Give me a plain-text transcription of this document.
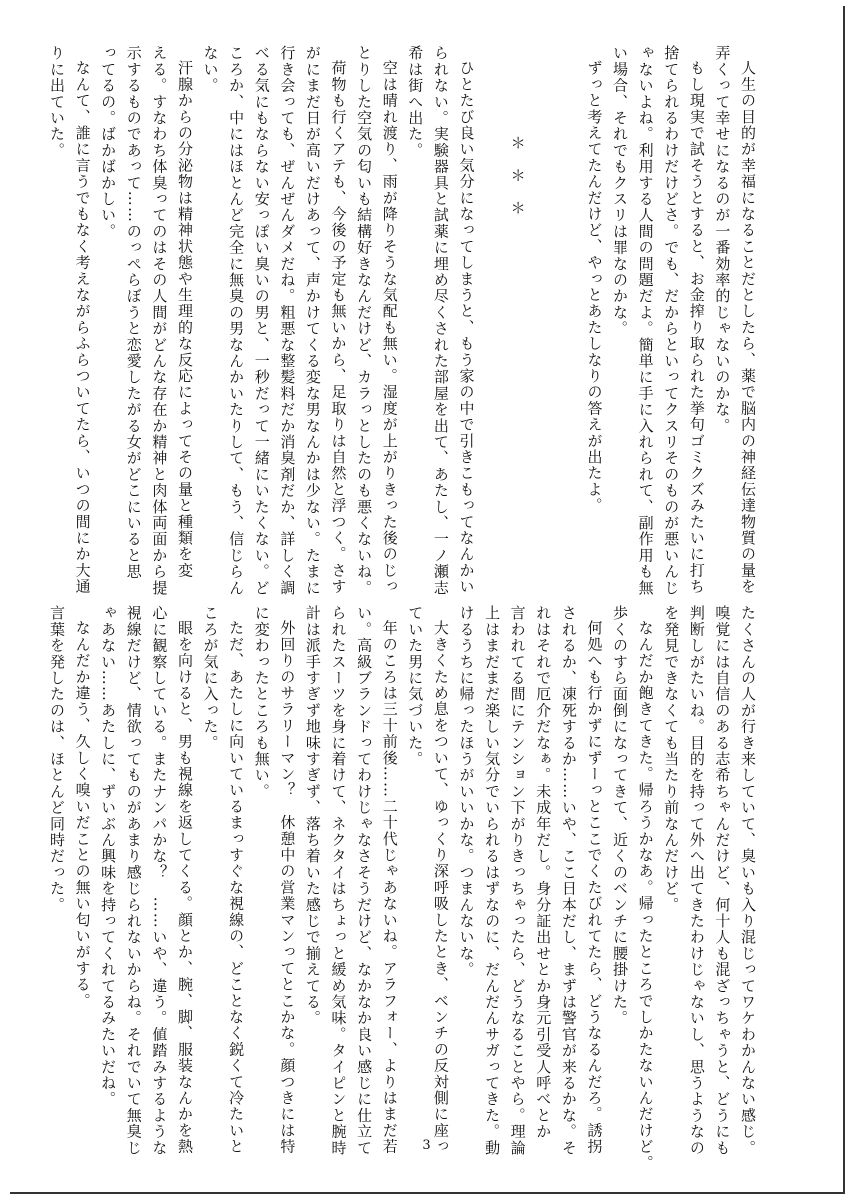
人生の目的が幸福になることだとしたら、薬で脳内の神経伝達物質の量を

弄くって幸せになるのが一番効率的じゃないのかな。

もし現実で試そうとすると、お金搾り取られた挙句ゴミクズみたいに打ち

捨てられるわけだけどさ。でも、だからといってクスリそのものが悪いんじ

ゃないよね。利用する人間の問題だよ。簡単に手に入れられて、副作用も無

い場合、それでもクスリは罪なのかな。

ずっと考えてたんだけど、やっとあたしなりの答えが出たよ。

＊　＊　＊

ひとたび良い気分になってしまうと、もう家の中で引きこもってなんかい

られない。実験器具と試薬に埋め尽くされた部屋を出て、あたし、一ノ瀬志

希は街へ出た。

空は晴れ渡り、雨が降りそうな気配も無い。湿度が上がりきった後のじっ

とりした空気の匂いも結構好きなんだけど、カラっとしたのも悪くないね。

荷物も行くアテも、今後の予定も無いから、足取りは自然と浮つく。さす

がにまだ日が高いだけあって、声かけてくる変な男なんかは少ない。たまに

行き会っても、ぜんぜんダメだね。粗悪な整髪料だか消臭剤だか、詳しく調

べる気にもならない安っぽい臭いの男と、一秒だって一緒にいたくない。ど

ころか、中にはほとんど完全に無臭の男なんかいたりして、もう、信じらん

ない。

汗腺からの分泌物は精神状態や生理的な反応によってその量と種類を変

える。すなわち体臭ってのはその人間がどんな存在か精神と肉体両面から提

示するものであって……のっぺらぼうと恋愛したがる女がどこにいると思

ってるの。ばかばかしい。

なんて、誰に言うでもなく考えながらふらついてたら、いつの間にか大通

りに出ていた。

たくさんの人が行き来していて、臭いも入り混じってワケわかんない感じ。

嗅覚には自信のある志希ちゃんだけど、何十人も混ざっちゃうと、どうにも

判断しがたいね。目的を持って外へ出てきたわけじゃないし、思うようなの

を発見できなくても当たり前なんだけど。

なんだか飽きてきた。帰ろうかなあ。帰ったところでしかたないんだけど。

歩くのすら面倒になってきて、近くのベンチに腰掛けた。

何処へも行かずにずーっとここでくたびれてたら、どうなるんだろ。誘拐

されるか、凍死するか……いや、ここ日本だし、まずは警官が来るかな。そ

れはそれで厄介だなぁ。未成年だし。身分証出せとか身元引受人呼べとか

言われてる間にテンション下がりきっちゃったら、どうなることやら。理論

上はまだまだ楽しい気分でいられるはずなのに、だんだんサガってきた。動

けるうちに帰ったほうがいいかな。つまんないな。

大きくため息をついて、ゆっくり深呼吸したとき、ベンチの反対側に座っ

ていた男に気づいた。

年のころは三十前後……二十代じゃあないね。アラフォー、よりはまだ若

い。高級ブランドってわけじゃなさそうだけど、なかなか良い感じに仕立て

られたスーツを身に着けて、ネクタイはちょっと緩め気味。タイピンと腕時

計は派手すぎず地味すぎず、落ち着いた感じで揃えてる。

外回りのサラリーマン？　休憩中の営業マンってとこかな。顔つきには特

に変わったところも無い。

ただ、あたしに向いているまっすぐな視線の、どことなく鋭くて冷たいと

ころが気に入った。

眼を向けると、男も視線を返してくる。顔とか、腕、脚、服装なんかを熱

心に観察している。またナンパかな？　……いや、違う。値踏みするような

視線だけど、情欲ってものがあまり感じられないからね。それでいて無臭じ

ゃあない……あたしに、ずいぶん興味を持ってくれてるみたいだね。

なんだか違う、久しく嗅いだことの無い匂いがする。

言葉を発したのは、ほとんど同時だった。

3
